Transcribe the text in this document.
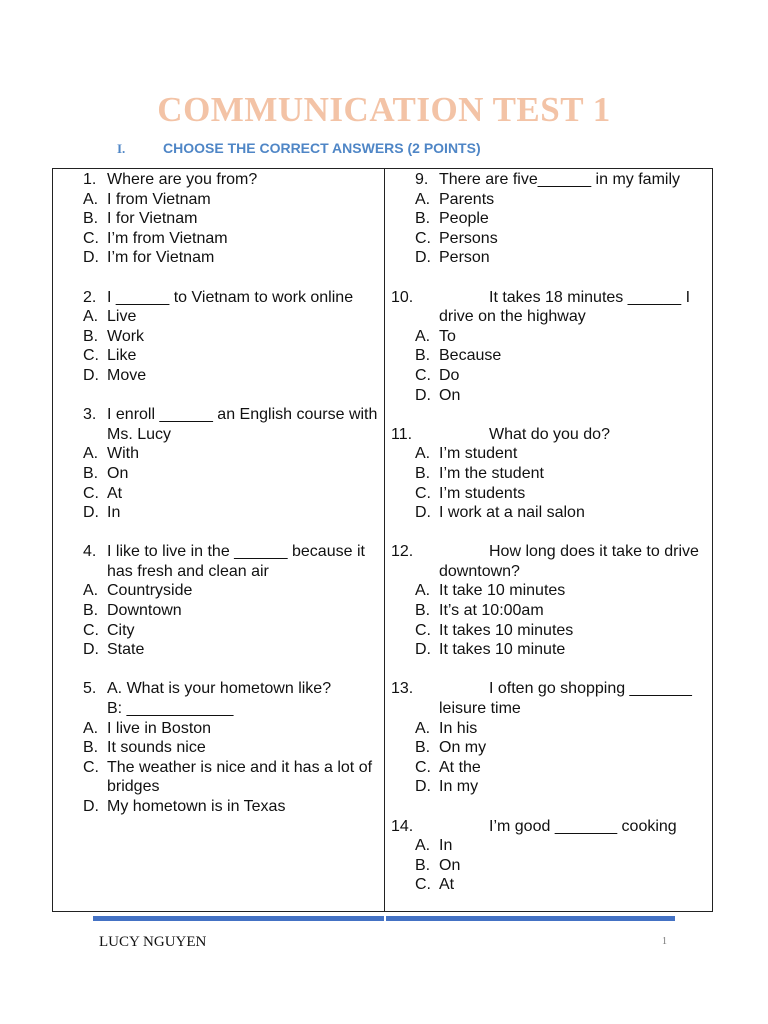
COMMUNICATION TEST 1
I.	CHOOSE THE CORRECT ANSWERS (2 POINTS)
1. Where are you from?
A. I from Vietnam
B. I for Vietnam
C. I’m from Vietnam
D. I’m for Vietnam
2. I ______ to Vietnam to work online
A. Live
B. Work
C. Like
D. Move
3. I enroll ______ an English course with Ms. Lucy
A. With
B. On
C. At
D. In
4. I like to live in the ______ because it has fresh and clean air
A. Countryside
B. Downtown
C. City
D. State
5. A. What is your hometown like?
B: ____________
A. I live in Boston
B. It sounds nice
C. The weather is nice and it has a lot of bridges
D. My hometown is in Texas
9. There are five______ in my family
A. Parents
B. People
C. Persons
D. Person
10.	It takes 18 minutes ______ I drive on the highway
A. To
B. Because
C. Do
D. On
11.	What do you do?
A. I’m student
B. I’m the student
C. I’m students
D. I work at a nail salon
12.	How long does it take to drive downtown?
A. It take 10 minutes
B. It’s at 10:00am
C. It takes 10 minutes
D. It takes 10 minute
13.	I often go shopping _______ leisure time
A. In his
B. On my
C. At the
D. In my
14.	I’m good _______ cooking
A. In
B. On
C. At
LUCY NGUYEN	1
